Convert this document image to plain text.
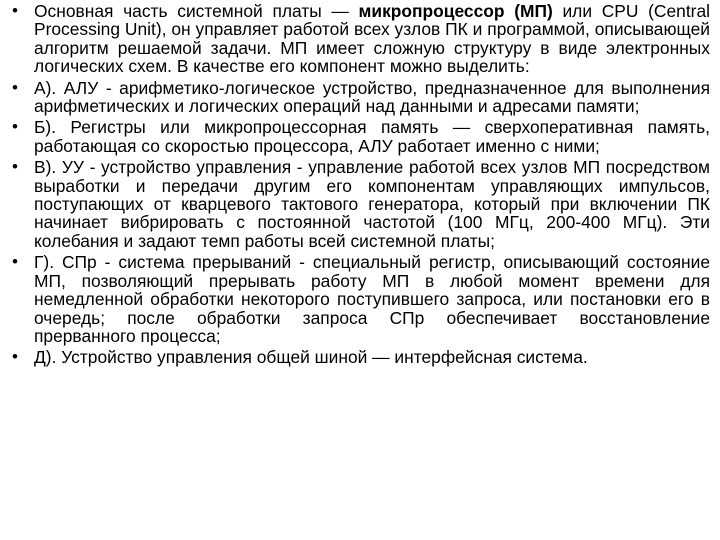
• Основная часть системной платы — микропроцессор (МП) или CPU (Central Processing Unit), он управляет работой всех узлов ПК и программой, описывающей алгоритм решаемой задачи. МП имеет сложную структуру в виде электронных логических схем. В качестве его компонент можно выделить:
• А). АЛУ - арифметико-логическое устройство, предназначенное для выполнения арифметических и логических операций над данными и адресами памяти;
• Б). Регистры или микропроцессорная память — сверхоперативная память, работающая со скоростью процессора, АЛУ работает именно с ними;
• В). УУ - устройство управления - управление работой всех узлов МП посредством выработки и передачи другим его компонентам управляющих импульсов, поступающих от кварцевого тактового генератора, который при включении ПК начинает вибрировать с постоянной частотой (100 МГц, 200-400 МГц). Эти колебания и задают темп работы всей системной платы;
• Г). СПр - система прерываний - специальный регистр, описывающий состояние МП, позволяющий прерывать работу МП в любой момент времени для немедленной обработки некоторого поступившего запроса, или постановки его в очередь; после обработки запроса СПр обеспечивает восстановление прерванного процесса;
• Д). Устройство управления общей шиной — интерфейсная система.
